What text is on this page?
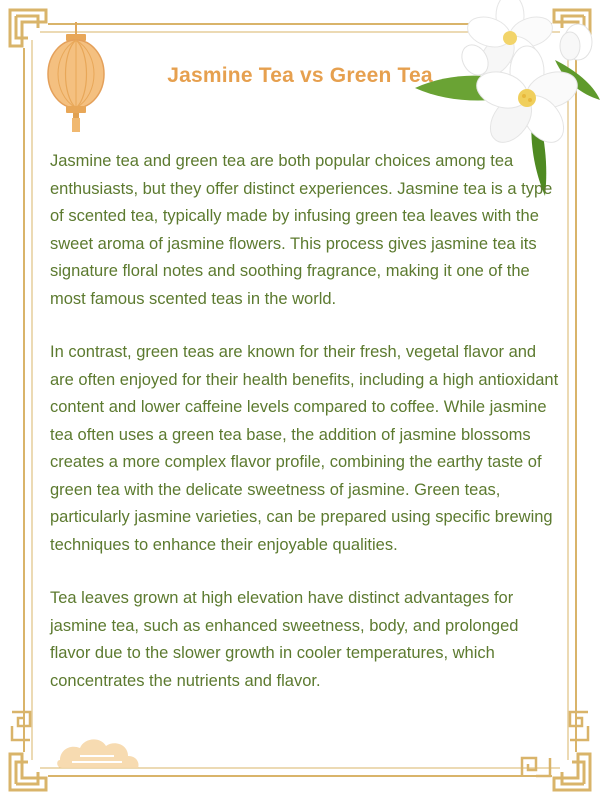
Jasmine Tea vs Green Tea

Jasmine tea and green tea are both popular choices among tea enthusiasts, but they offer distinct experiences. Jasmine tea is a type of scented tea, typically made by infusing green tea leaves with the sweet aroma of jasmine flowers. This process gives jasmine tea its signature floral notes and soothing fragrance, making it one of the most famous scented teas in the world.

In contrast, green teas are known for their fresh, vegetal flavor and are often enjoyed for their health benefits, including a high antioxidant content and lower caffeine levels compared to coffee. While jasmine tea often uses a green tea base, the addition of jasmine blossoms creates a more complex flavor profile, combining the earthy taste of green tea with the delicate sweetness of jasmine. Green teas, particularly jasmine varieties, can be prepared using specific brewing techniques to enhance their enjoyable qualities.

Tea leaves grown at high elevation have distinct advantages for jasmine tea, such as enhanced sweetness, body, and prolonged flavor due to the slower growth in cooler temperatures, which concentrates the nutrients and flavor.
